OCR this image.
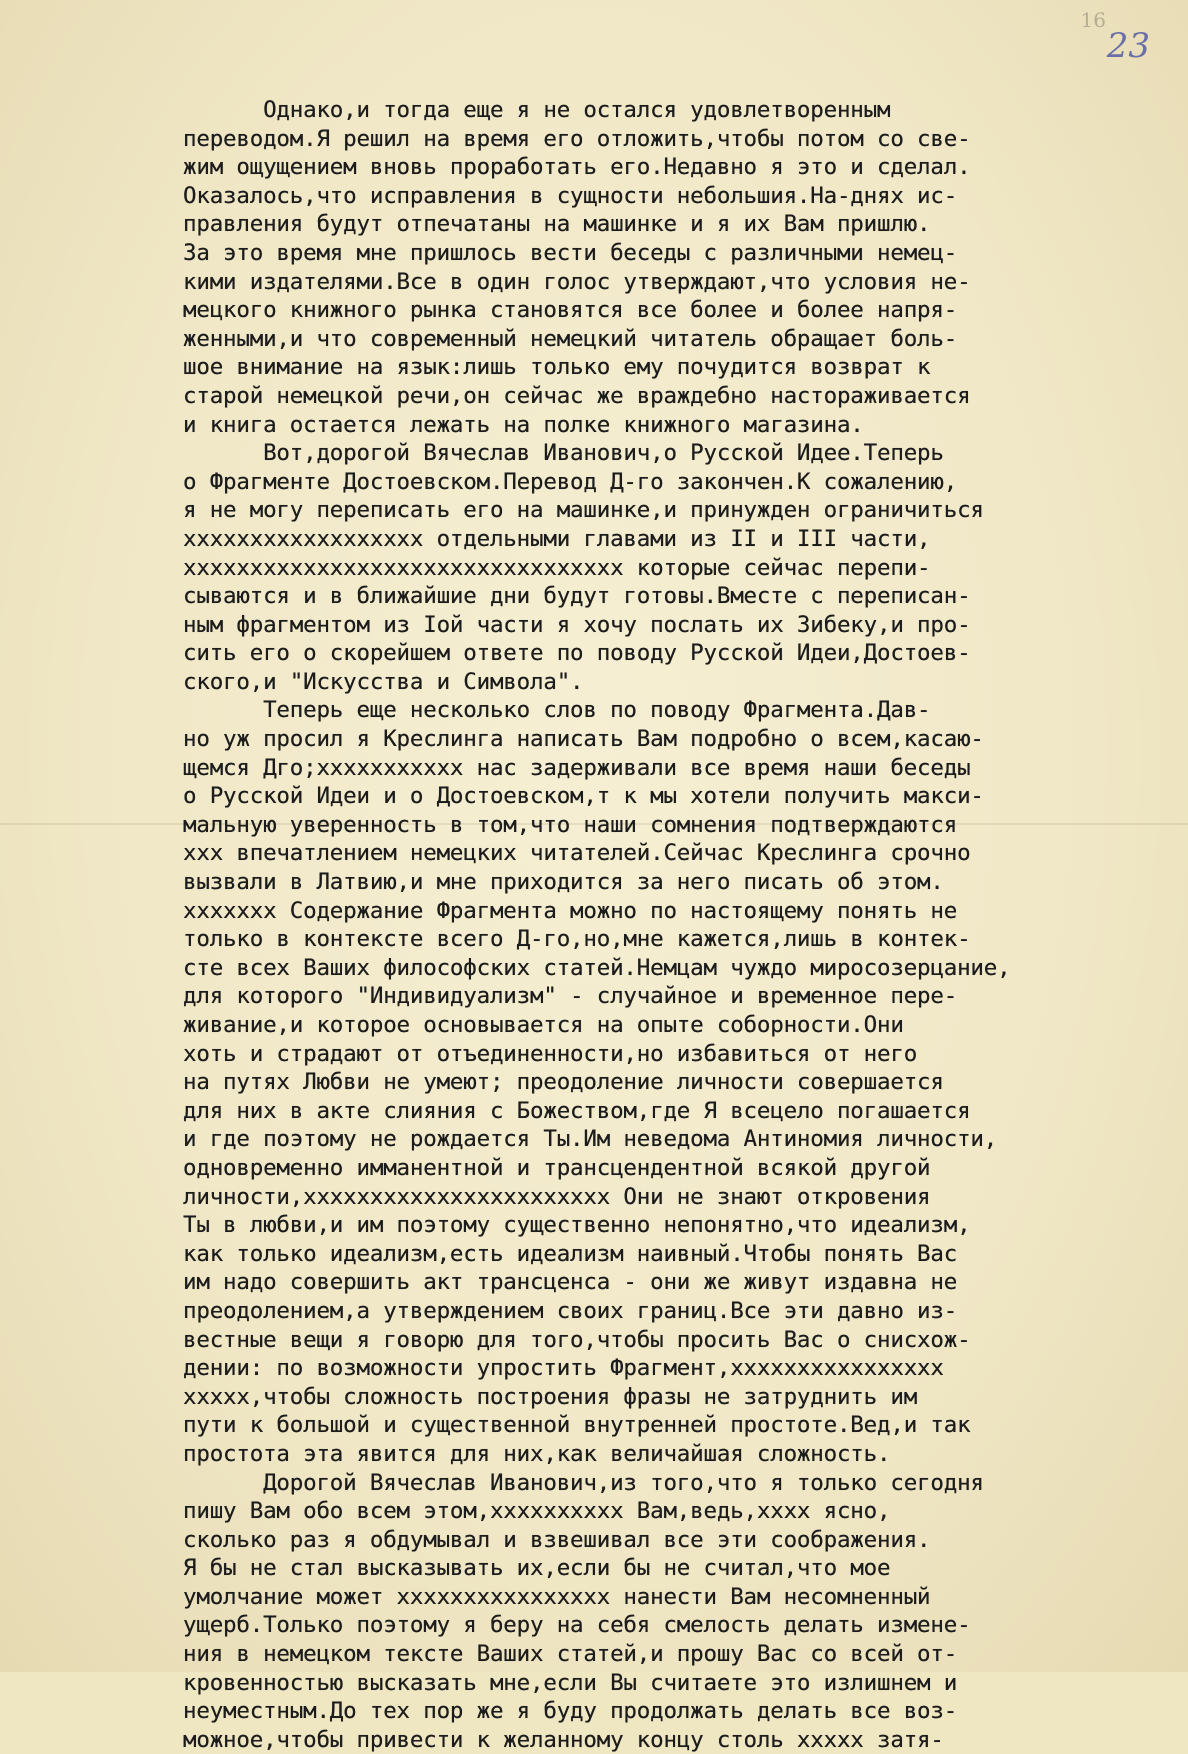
16
23
Однако,и тогда еще я не остался удовлетворенным
переводом.Я решил на время его отложить,чтобы потом со све-
жим ощущением вновь проработать его.Недавно я это и сделал.
Оказалось,что исправления в сущности небольшия.На-днях ис-
правления будут отпечатаны на машинке и я их Вам пришлю.
За это время мне пришлось вести беседы с различными немец-
кими издателями.Все в один голос утверждают,что условия не-
мецкого книжного рынка становятся все более и более напря-
женными,и что современный немецкий читатель обращает боль-
шое внимание на язык:лишь только ему почудится возврат к
старой немецкой речи,он сейчас же враждебно настораживается
и книга остается лежать на полке книжного магазина.
Вот,дорогой Вячеслав Иванович,о Русской Идее.Теперь
о Фрагменте Достоевском.Перевод Д-го закончен.К сожалению,
я не могу переписать его на машинке,и принужден ограничиться
хххххххххххххххххх отдельными главами из II и III части,
ххххххххххххххххххххххххххххххххх которые сейчас перепи-
сываются и в ближайшие дни будут готовы.Вместе с переписан-
ным фрагментом из Iой части я хочу послать их Зибеку,и про-
сить его о скорейшем ответе по поводу Русской Идеи,Достоев-
ского,и "Искусства и Символа".
Теперь еще несколько слов по поводу Фрагмента.Дав-
но уж просил я Креслинга написать Вам подробно о всем,касаю-
щемся Дго;ххххххххххх нас задерживали все время наши беседы
о Русской Идеи и о Достоевском,т к мы хотели получить макси-
мальную уверенность в том,что наши сомнения подтверждаются
ххх впечатлением немецких читателей.Сейчас Креслинга срочно
вызвали в Латвию,и мне приходится за него писать об этом.
ххххххх Содержание Фрагмента можно по настоящему понять не
только в контексте всего Д-го,но,мне кажется,лишь в контек-
сте всех Ваших философских статей.Немцам чуждо миросозерцание,
для которого "Индивидуализм" - случайное и временное пере-
живание,и которое основывается на опыте соборности.Они
хоть и страдают от отъединенности,но избавиться от него
на путях Любви не умеют; преодоление личности совершается
для них в акте слияния с Божеством,где Я всецело погашается
и где поэтому не рождается Ты.Им неведома Антиномия личности,
одновременно имманентной и трансцендентной всякой другой
личности,ххххххххххххххххххххххх Они не знают откровения
Ты в любви,и им поэтому существенно непонятно,что идеализм,
как только идеализм,есть идеализм наивный.Чтобы понять Вас
им надо совершить акт трансценса - они же живут издавна не
преодолением,а утверждением своих границ.Все эти давно из-
вестные вещи я говорю для того,чтобы просить Вас о снисхож-
дении: по возможности упростить Фрагмент,хххххххххххххххх
ххххх,чтобы сложность построения фразы не затруднить им
пути к большой и существенной внутренней простоте.Вед,и так
простота эта явится для них,как величайшая сложность.
Дорогой Вячеслав Иванович,из того,что я только сегодня
пишу Вам обо всем этом,хххххххххх Вам,ведь,хххх ясно,
сколько раз я обдумывал и взвешивал все эти соображения.
Я бы не стал высказывать их,если бы не считал,что мое
умолчание может хххххххххххххххх нанести Вам несомненный
ущерб.Только поэтому я беру на себя смелость делать измене-
ния в немецком тексте Ваших статей,и прошу Вас со всей от-
кровенностью высказать мне,если Вы считаете это излишнем и
неуместным.До тех пор же я буду продолжать делать все воз-
можное,чтобы привести к желанному концу столь ххххх затя-
